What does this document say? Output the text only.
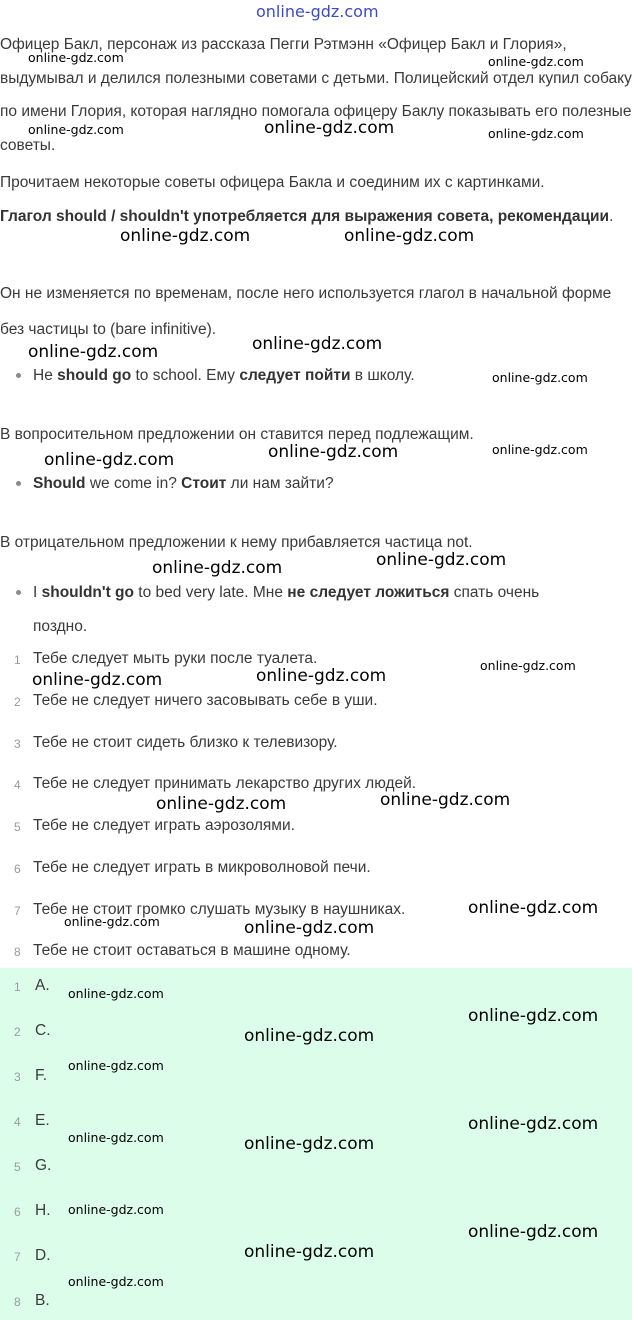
online-gdz.com

Офицер Бакл, персонаж из рассказа Пегги Рэтмэнн «Офицер Бакл и Глория», выдумывал и делился полезными советами с детьми. Полицейский отдел купил собаку по имени Глория, которая наглядно помогала офицеру Баклу показывать его полезные советы.

Прочитаем некоторые советы офицера Бакла и соединим их с картинками.

Глагол should / shouldn't употребляется для выражения совета, рекомендации.

Он не изменяется по временам, после него используется глагол в начальной форме без частицы to (bare infinitive).

He should go to school. Ему следует пойти в школу.

В вопросительном предложении он ставится перед подлежащим.

Should we come in? Стоит ли нам зайти?

В отрицательном предложении к нему прибавляется частица not.

I shouldn't go to bed very late. Мне не следует ложиться спать очень поздно.
1 Тебе следует мыть руки после туалета.
2 Тебе не следует ничего засовывать себе в уши.
3 Тебе не стоит сидеть близко к телевизору.
4 Тебе не следует принимать лекарство других людей.
5 Тебе не следует играть аэрозолями.
6 Тебе не следует играть в микроволновой печи.
7 Тебе не стоит громко слушать музыку в наушниках.
8 Тебе не стоит оставаться в машине одному.
1 A.
2 C.
3 F.
4 E.
5 G.
6 H.
7 D.
8 B.
online-gdz.com	online-gdz.com
online-gdz.com	online-gdz.com	online-gdz.com
online-gdz.com	online-gdz.com
online-gdz.com	online-gdz.com
online-gdz.com
online-gdz.com	online-gdz.com	online-gdz.com
online-gdz.com	online-gdz.com
online-gdz.com	online-gdz.com
online-gdz.com
online-gdz.com	online-gdz.com
online-gdz.com	online-gdz.com
online-gdz.com
online-gdz.com
online-gdz.com
online-gdz.com
online-gdz.com
online-gdz.com
online-gdz.com	online-gdz.com
online-gdz.com
online-gdz.com
online-gdz.com
online-gdz.com
